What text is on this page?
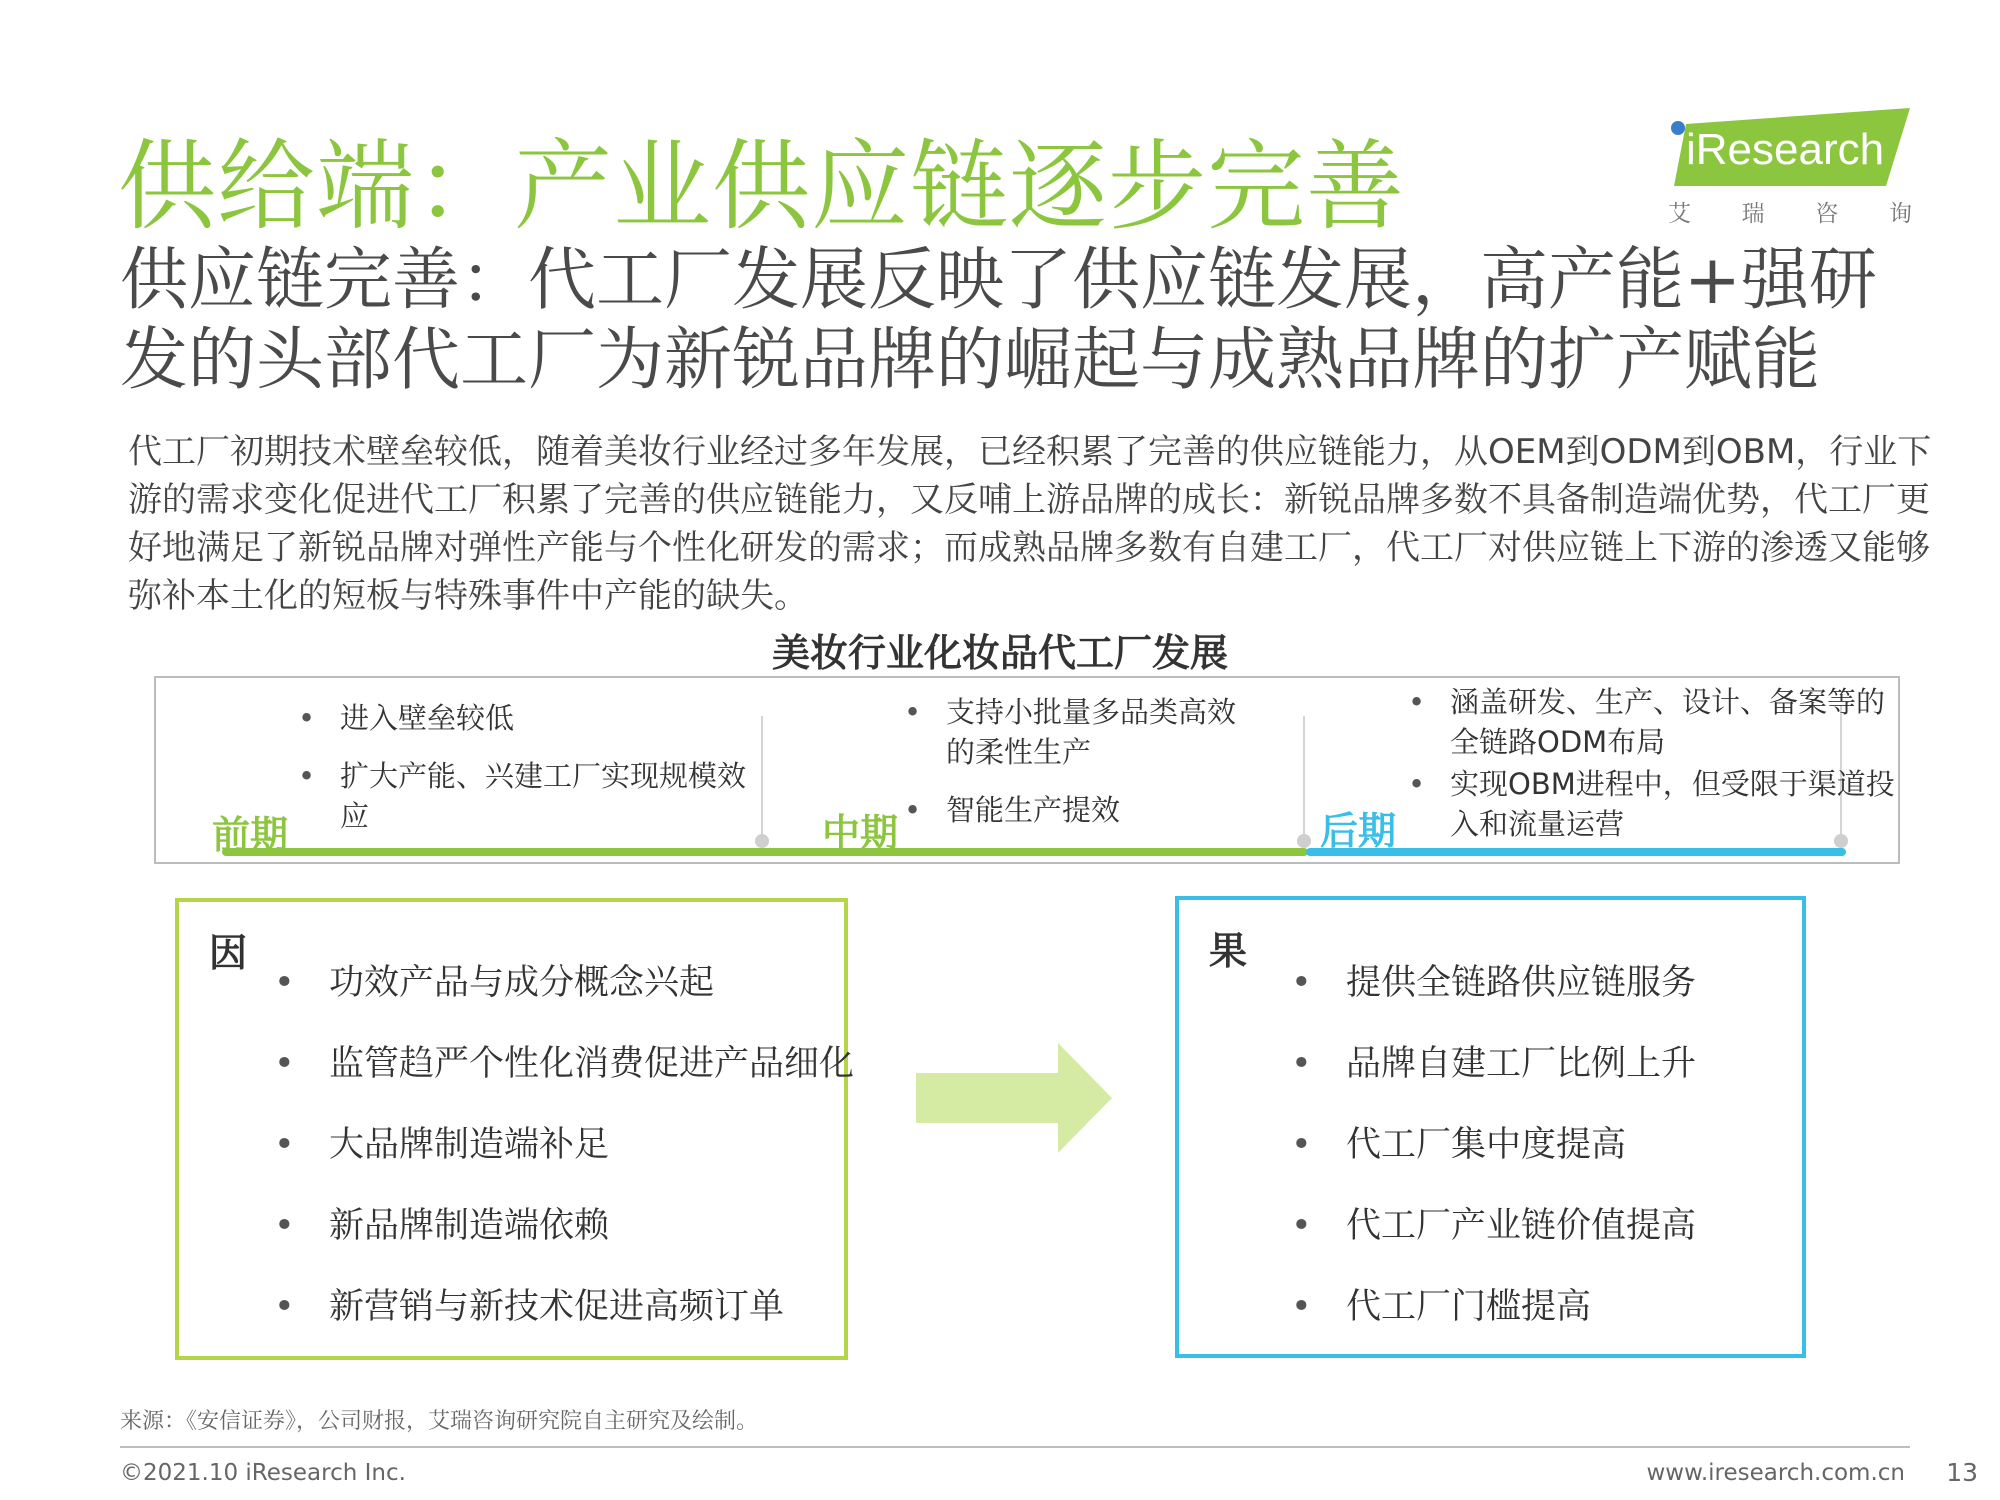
供给端：产业供应链逐步完善	iResearch
艾 瑞 咨 询
供应链完善：代工厂发展反映了供应链发展，高产能+强研
发的头部代工厂为新锐品牌的崛起与成熟品牌的扩产赋能

代工厂初期技术壁垒较低，随着美妆行业经过多年发展，已经积累了完善的供应链能力，从OEM到ODM到OBM，行业下

游的需求变化促进代工厂积累了完善的供应链能力，又反哺上游品牌的成长：新锐品牌多数不具备制造端优势，代工厂更

好地满足了新锐品牌对弹性产能与个性化研发的需求；而成熟品牌多数有自建工厂，代工厂对供应链上下游的渗透又能够

弥补本土化的短板与特殊事件中产能的缺失。

美妆行业化妆品代工厂发展
前期
• 进入壁垒较低
• 扩大产能、兴建工厂实现规模效应	中期
• 支持小批量多品类高效的柔性生产
• 智能生产提效	后期
• 涵盖研发、生产、设计、备案等的全链路ODM布局
• 实现OBM进程中，但受限于渠道投入和流量运营
因
• 功效产品与成分概念兴起
• 监管趋严个性化消费促进产品细化
• 大品牌制造端补足
• 新品牌制造端依赖
• 新营销与新技术促进高频订单
果
• 提供全链路供应链服务
• 品牌自建工厂比例上升
• 代工厂集中度提高
• 代工厂产业链价值提高
• 代工厂门槛提高
来源：《安信证券》，公司财报，艾瑞咨询研究院自主研究及绘制。
©2021.10 iResearch Inc.	www.iresearch.com.cn 13
